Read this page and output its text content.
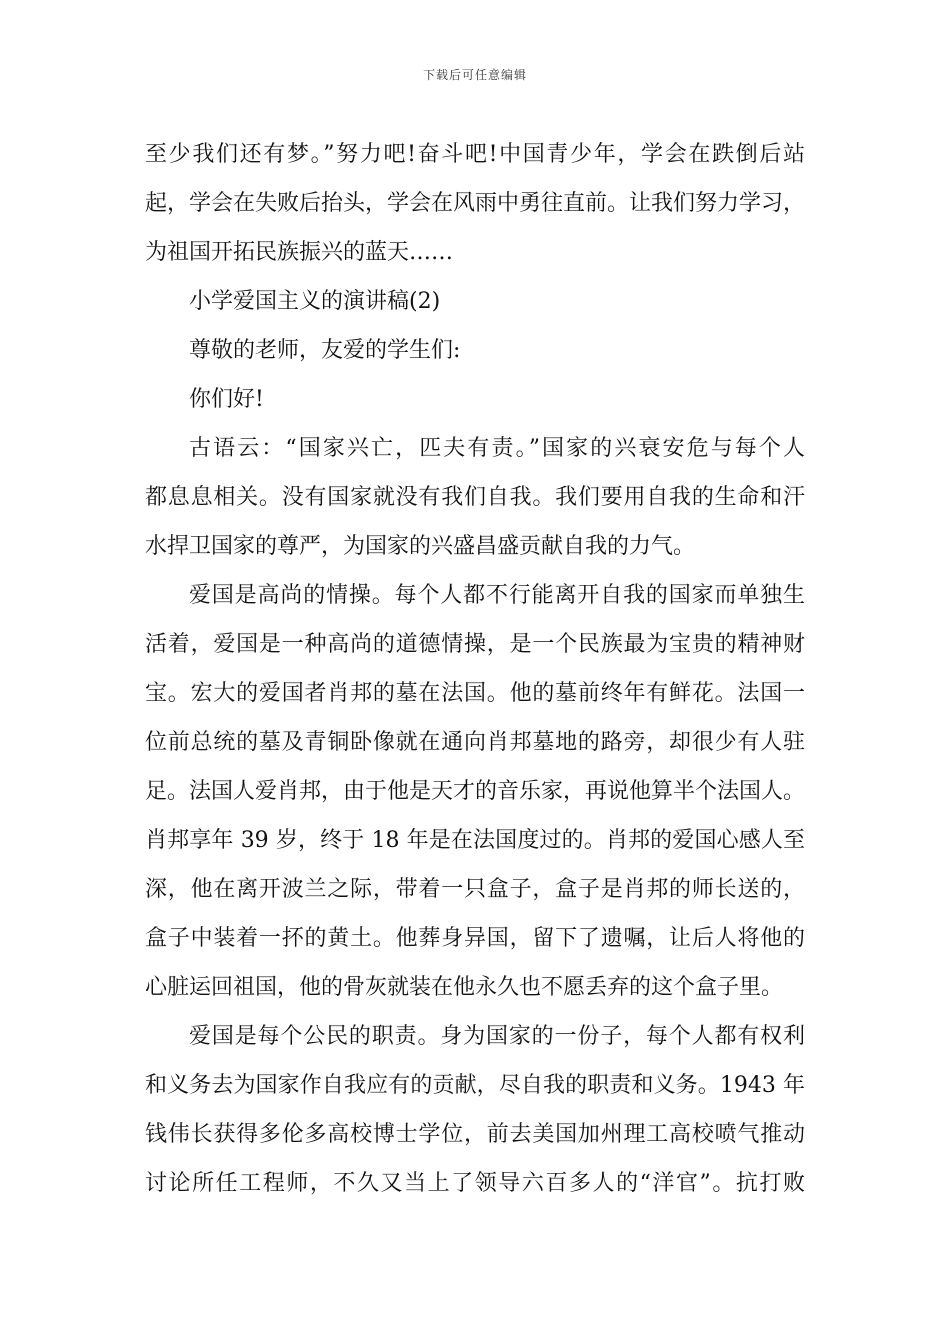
下载后可任意编辑
至少我们还有梦。”努力吧!奋斗吧!中国青少年，学会在跌倒后站
起，学会在失败后抬头，学会在风雨中勇往直前。让我们努力学习，
为祖国开拓民族振兴的蓝天……
小学爱国主义的演讲稿(2)
尊敬的老师，友爱的学生们:
你们好!
古语云：“国家兴亡，匹夫有责。”国家的兴衰安危与每个人
都息息相关。没有国家就没有我们自我。我们要用自我的生命和汗
水捍卫国家的尊严，为国家的兴盛昌盛贡献自我的力气。
爱国是高尚的情操。每个人都不行能离开自我的国家而单独生
活着，爱国是一种高尚的道德情操，是一个民族最为宝贵的精神财
宝。宏大的爱国者肖邦的墓在法国。他的墓前终年有鲜花。法国一
位前总统的墓及青铜卧像就在通向肖邦墓地的路旁，却很少有人驻
足。法国人爱肖邦，由于他是天才的音乐家，再说他算半个法国人。
肖邦享年 39 岁，终于 18 年是在法国度过的。肖邦的爱国心感人至
深，他在离开波兰之际，带着一只盒子，盒子是肖邦的师长送的，
盒子中装着一抔的黄土。他葬身异国，留下了遗嘱，让后人将他的
心脏运回祖国，他的骨灰就装在他永久也不愿丢弃的这个盒子里。
爱国是每个公民的职责。身为国家的一份子，每个人都有权利
和义务去为国家作自我应有的贡献，尽自我的职责和义务。1943 年
钱伟长获得多伦多高校博士学位，前去美国加州理工高校喷气推动
讨论所任工程师，不久又当上了领导六百多人的“洋官”。抗打败
